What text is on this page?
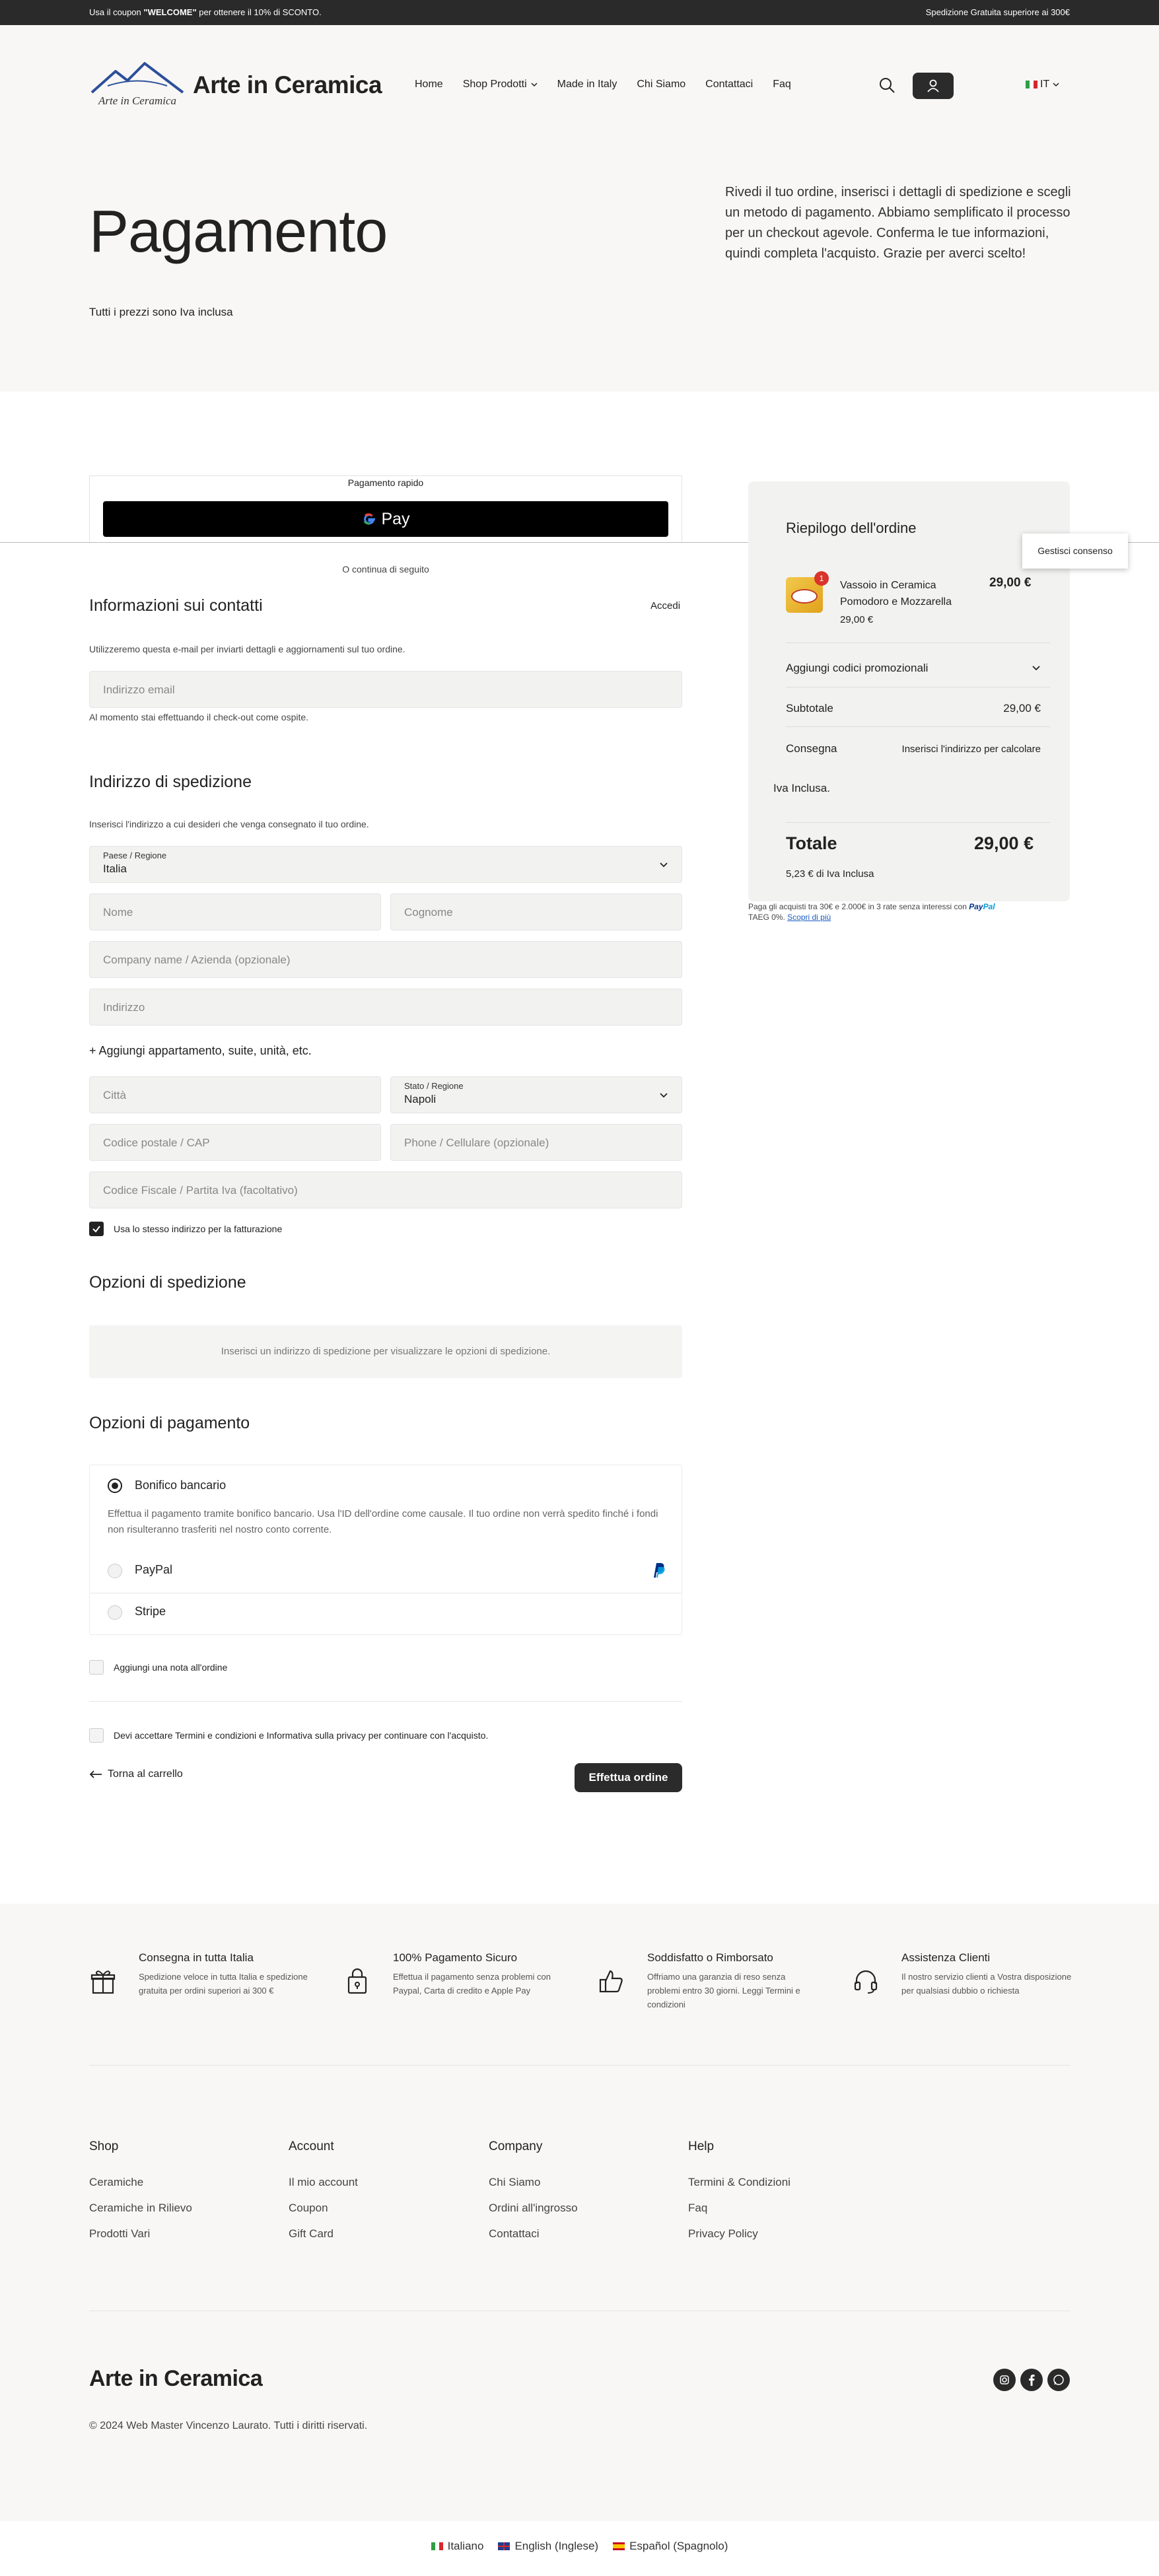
Usa il coupon "WELCOME" per ottenere il 10% di SCONTO.	Spedizione Gratuita superiore ai 300€
Arte in Ceramica
Arte in Ceramica	Home Shop Prodotti	Made in Italy Chi Siamo Contattaci Faq	IT
Pagamento
Tutti i prezzi sono Iva inclusa
Rivedi il tuo ordine, inserisci i dettagli di spedizione e scegli un metodo di pagamento. Abbiamo semplificato il processo per un checkout agevole. Conferma le tue informazioni, quindi completa l'acquisto. Grazie per averci scelto!
Pagamento rapido
Pay
O continua di seguito
Informazioni sui contatti	Accedi
Utilizzeremo questa e-mail per inviarti dettagli e aggiornamenti sul tuo ordine.
Indirizzo email
Al momento stai effettuando il check-out come ospite.
Indirizzo di spedizione
Inserisci l'indirizzo a cui desideri che venga consegnato il tuo ordine.
Paese / Regione
Italia
Nome	Cognome
Company name / Azienda (opzionale)
Indirizzo
+ Aggiungi appartamento, suite, unità, etc.
Città
Stato / Regione
Napoli
Codice postale / CAP	Phone / Cellulare (opzionale)
Codice Fiscale / Partita Iva (facoltativo)
Usa lo stesso indirizzo per la fatturazione
Opzioni di spedizione
Inserisci un indirizzo di spedizione per visualizzare le opzioni di spedizione.
Opzioni di pagamento
Bonifico bancario
Effettua il pagamento tramite bonifico bancario. Usa l'ID dell'ordine come causale. Il tuo ordine non verrà spedito finché i fondi non risulteranno trasferiti nel nostro conto corrente.
PayPal
Stripe
Aggiungi una nota all'ordine
Devi accettare Termini e condizioni e Informativa sulla privacy per continuare con l'acquisto.
Torna al carrello	Effettua ordine
Riepilogo dell'ordine
1
Vassoio in Ceramica Pomodoro e Mozzarella
29,00 €
29,00 €
Aggiungi codici promozionali
Subtotale	29,00 €
Consegna	Inserisci l'indirizzo per calcolare
Iva Inclusa.
Totale	29,00 €
5,23 € di Iva Inclusa
Gestisci consenso
Paga gli acquisti tra 30€ e 2.000€ in 3 rate senza interessi con PayPal
TAEG 0%. Scopri di più
Consegna in tutta Italia
Spedizione veloce in tutta Italia e spedizione gratuita per ordini superiori ai 300 €
100% Pagamento Sicuro
Effettua il pagamento senza problemi con Paypal, Carta di credito e Apple Pay
Soddisfatto o Rimborsato
Offriamo una garanzia di reso senza problemi entro 30 giorni. Leggi Termini e condizioni
Assistenza Clienti
Il nostro servizio clienti a Vostra disposizione per qualsiasi dubbio o richiesta
Shop
Ceramiche
Ceramiche in Rilievo
Prodotti Vari
Account
Il mio account
Coupon
Gift Card
Company
Chi Siamo
Ordini all'ingrosso
Contattaci
Help
Termini & Condizioni
Faq
Privacy Policy
Arte in Ceramica
© 2024 Web Master Vincenzo Laurato. Tutti i diritti riservati.
Italiano	English (Inglese)	Español (Spagnolo)
